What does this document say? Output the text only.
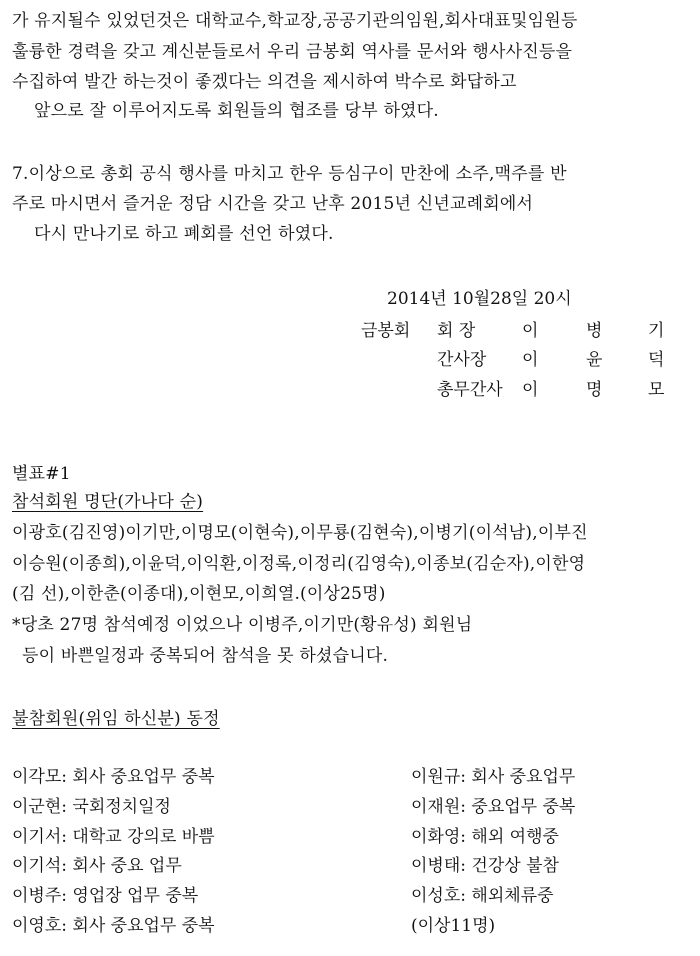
가 유지될수 있었던것은 대학교수,학교장,공공기관의임원,회사대표및임원등
훌륭한 경력을 갖고 계신분들로서 우리 금봉회 역사를 문서와 행사사진등을
수집하여 발간 하는것이 좋겠다는 의견을 제시하여 박수로 화답하고
앞으로 잘 이루어지도록 회원들의 협조를 당부 하였다.
7.이상으로 총회 공식 행사를 마치고 한우 등심구이 만찬에 소주,맥주를 반
주로 마시면서 즐거운 정담 시간을 갖고 난후 2015년 신년교례회에서
다시 만나기로 하고 폐회를 선언 하였다.
2014년 10월28일 20시
금봉회 회 장	이	병	기
간사장 이	윤	덕
총무간사 이	명	모
별표#1
참석회원 명단(가나다 순)
이광호(김진영)이기만,이명모(이현숙),이무룡(김현숙),이병기(이석남),이부진
이승원(이종희),이윤덕,이익환,이정록,이정리(김영숙),이종보(김순자),이한영
(김 선),이한춘(이종대),이현모,이희열.(이상25명)
*당초 27명 참석예정 이었으나 이병주,이기만(황유성) 회원님
등이 바쁜일정과 중복되어 참석을 못 하셨습니다.
불참회원(위임 하신분) 동정
이각모: 회사 중요업무 중복
이군현: 국회정치일정
이기서: 대학교 강의로 바쁨
이기석: 회사 중요 업무
이병주: 영업장 업무 중복
이영호: 회사 중요업무 중복
이원규: 회사 중요업무
이재원: 중요업무 중복
이화영: 해외 여행중
이병태: 건강상 불참
이성호: 해외체류중
(이상11명)
